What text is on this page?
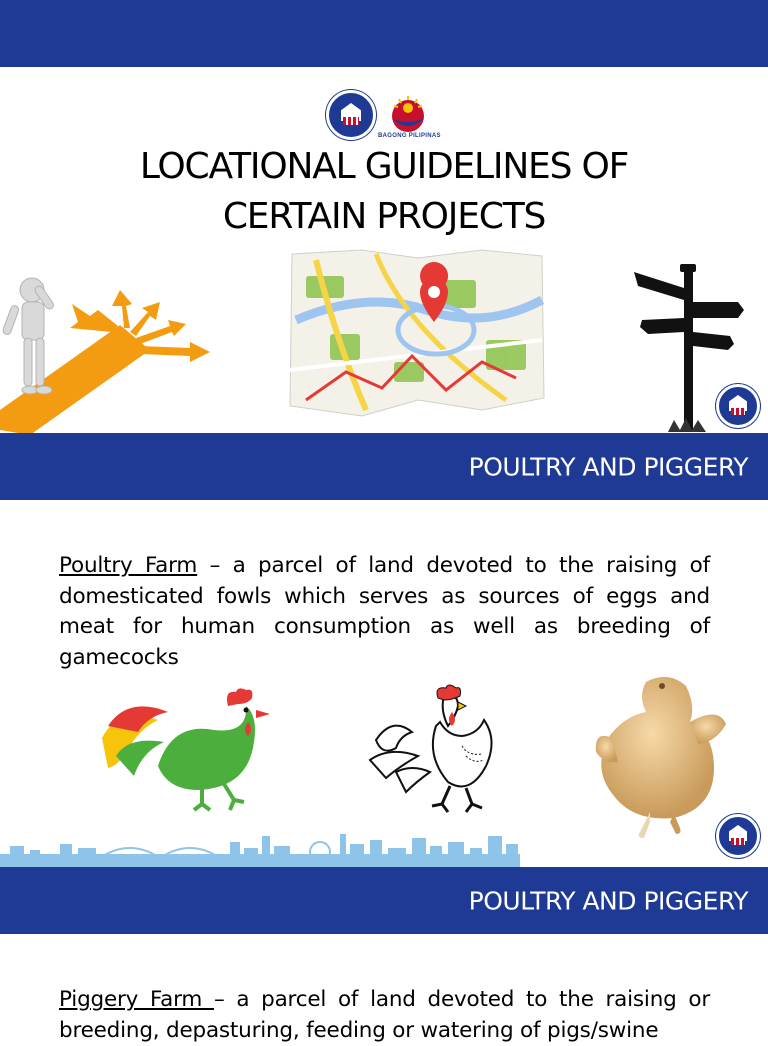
BAGONG PILIPINAS
LOCATIONAL GUIDELINES OF
CERTAIN PROJECTS
POULTRY AND PIGGERY

Poultry Farm – a parcel of land devoted to the raising of domesticated fowls which serves as sources of eggs and meat for human consumption as well as breeding of gamecocks

POULTRY AND PIGGERY

Piggery Farm – a parcel of land devoted to the raising or breeding, depasturing, feeding or watering of pigs/swine
